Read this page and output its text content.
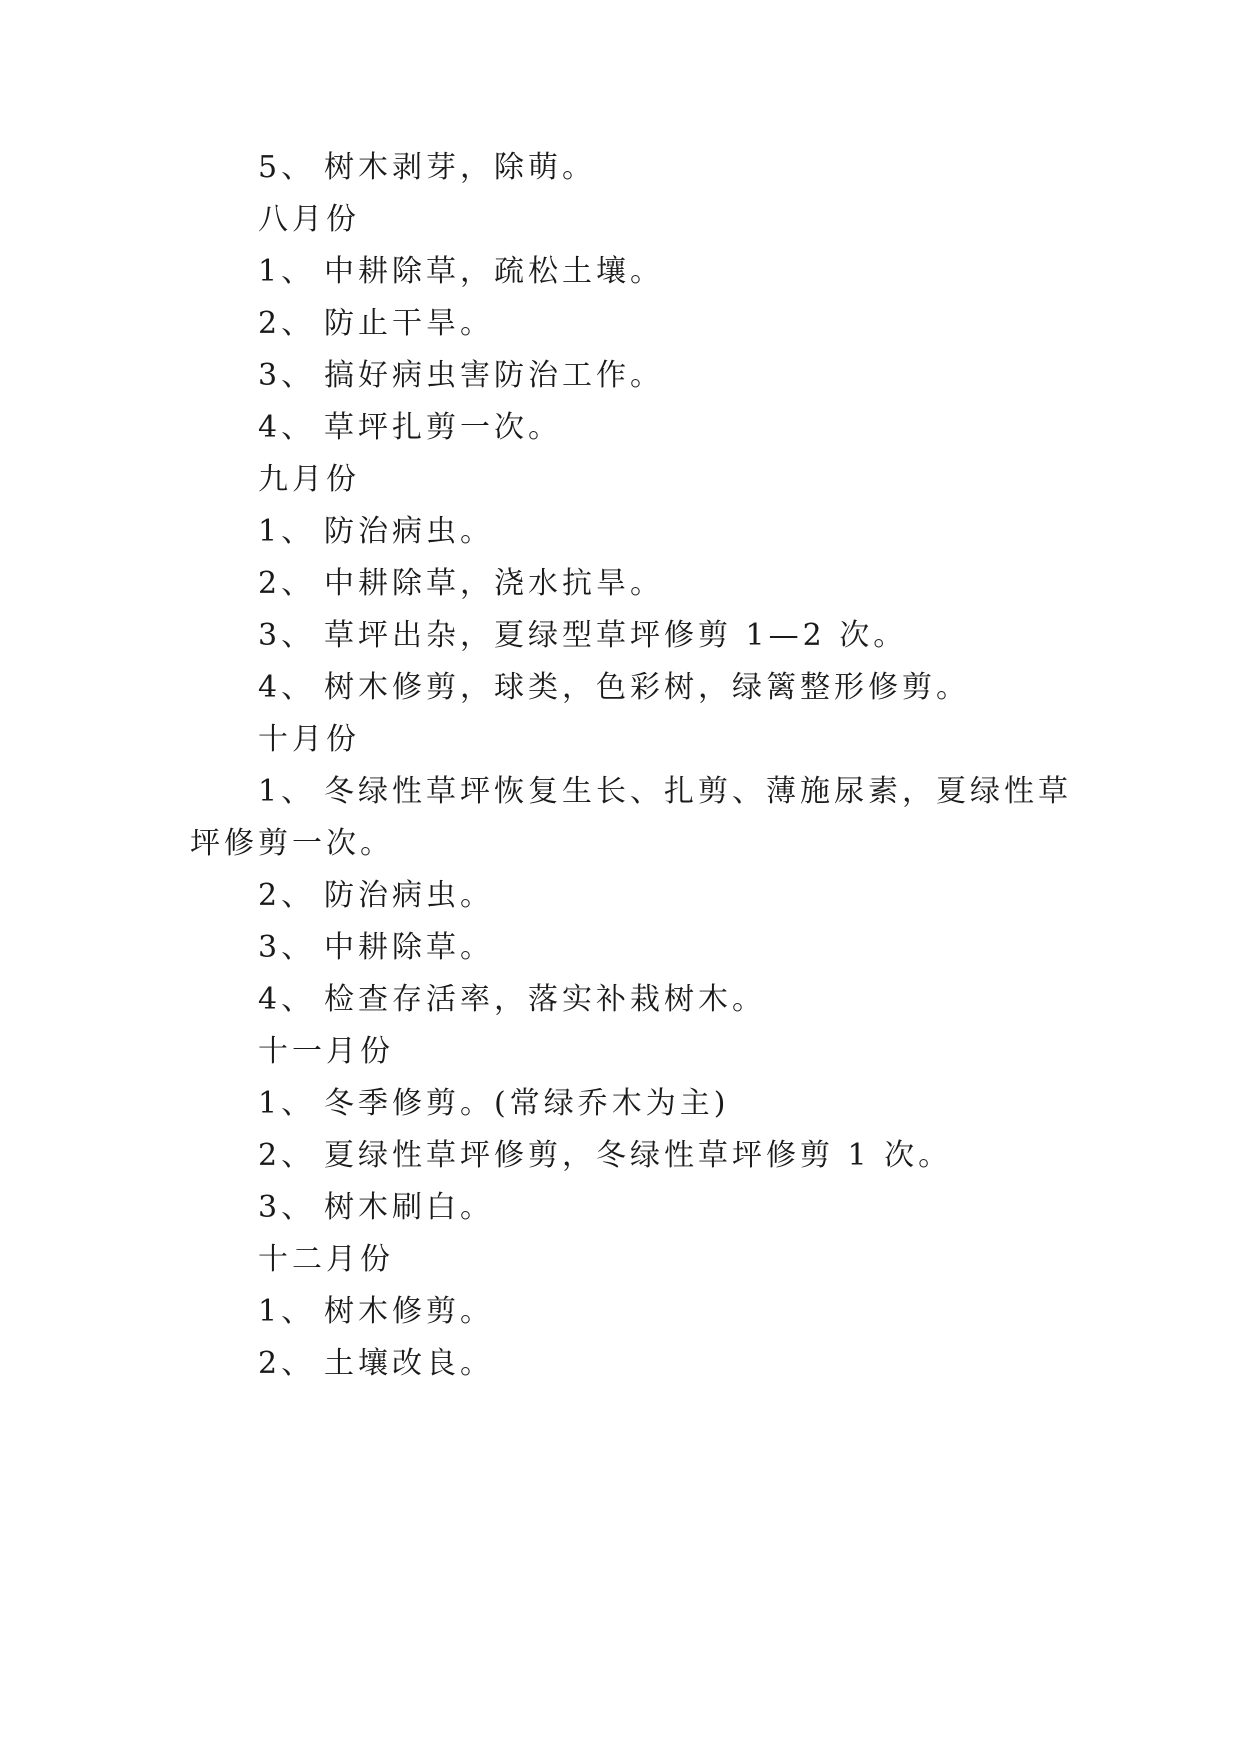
5、 树木剥芽，除萌。
八月份
1、 中耕除草，疏松土壤。
2、 防止干旱。
3、 搞好病虫害防治工作。
4、 草坪扎剪一次。
九月份
1、 防治病虫。
2、 中耕除草，浇水抗旱。
3、 草坪出杂，夏绿型草坪修剪 1—2 次。
4、 树木修剪，球类，色彩树，绿篱整形修剪。
十月份
1、 冬绿性草坪恢复生长、扎剪、薄施尿素，夏绿性草
坪修剪一次。
2、 防治病虫。
3、 中耕除草。
4、 检查存活率，落实补栽树木。
十一月份
1、 冬季修剪。(常绿乔木为主)
2、 夏绿性草坪修剪，冬绿性草坪修剪 1 次。
3、 树木刷白。
十二月份
1、 树木修剪。
2、 土壤改良。
